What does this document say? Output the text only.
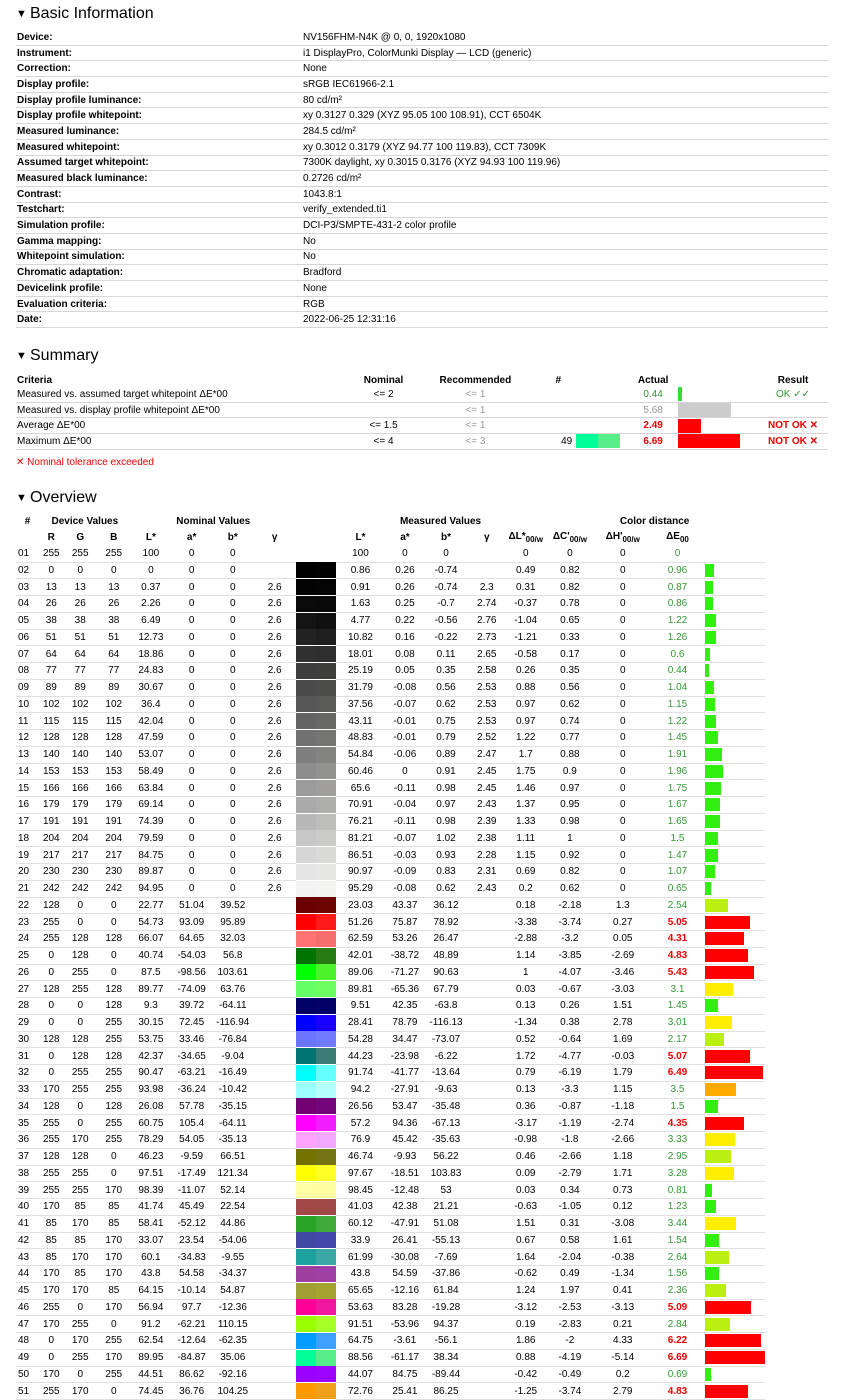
▼ Basic Information
Device:	NV156FHM-N4K @ 0, 0, 1920x1080
Instrument:	i1 DisplayPro, ColorMunki Display — LCD (generic)
Correction:	None
Display profile:	sRGB IEC61966-2.1
Display profile luminance:	80 cd/m²
Display profile whitepoint:	xy 0.3127 0.329 (XYZ 95.05 100 108.91), CCT 6504K
Measured luminance:	284.5 cd/m²
Measured whitepoint:	xy 0.3012 0.3179 (XYZ 94.77 100 119.83), CCT 7309K
Assumed target whitepoint:	7300K daylight, xy 0.3015 0.3176 (XYZ 94.93 100 119.96)
Measured black luminance:	0.2726 cd/m²
Contrast:	1043.8:1
Testchart:	verify_extended.ti1
Simulation profile:	DCI-P3/SMPTE-431-2 color profile
Gamma mapping:	No
Whitepoint simulation:	No
Chromatic adaptation:	Bradford
Devicelink profile:	None
Evaluation criteria:	RGB
Date:	2022-06-25 12:31:16
▼ Summary
Criteria	Nominal	Recommended	#		Actual		Result
Measured vs. assumed target whitepoint ΔE*00	<= 2	<= 1			0.44		OK ✓✓
Measured vs. display profile whitepoint ΔE*00		<= 1			5.68		
Average ΔE*00	<= 1.5	<= 1			2.49		NOT OK ✕
Maximum ΔE*00	<= 4	<= 3	49		6.69		NOT OK ✕
✕ Nominal tolerance exceeded
▼ Overview
#	Device Values			Nominal Values					Measured Values					Color distance				
	R	G	B	L*	a*	b*	γ		L*	a*	b*	γ	$\Delta L*_{00/w}$	$\Delta C'_{00/w}$	$\Delta H'_{00/w}$	$\Delta E_{00}$	
01	255	255	255	100	0	0			100	0	0		0	0	0	0		
02	0	0	0	0	0	0			0.86	0.26	-0.74		0.49	0.82	0	0.96		
03	13	13	13	0.37	0	0	2.6		0.91	0.26	-0.74	2.3	0.31	0.82	0	0.87		
04	26	26	26	2.26	0	0	2.6		1.63	0.25	-0.7	2.74	-0.37	0.78	0	0.86		
05	38	38	38	6.49	0	0	2.6		4.77	0.22	-0.56	2.76	-1.04	0.65	0	1.22		
06	51	51	51	12.73	0	0	2.6		10.82	0.16	-0.22	2.73	-1.21	0.33	0	1.26		
07	64	64	64	18.86	0	0	2.6		18.01	0.08	0.11	2.65	-0.58	0.17	0	0.6		
08	77	77	77	24.83	0	0	2.6		25.19	0.05	0.35	2.58	0.26	0.35	0	0.44		
09	89	89	89	30.67	0	0	2.6		31.79	-0.08	0.56	2.53	0.88	0.56	0	1.04		
10	102	102	102	36.4	0	0	2.6		37.56	-0.07	0.62	2.53	0.97	0.62	0	1.15		
11	115	115	115	42.04	0	0	2.6		43.11	-0.01	0.75	2.53	0.97	0.74	0	1.22		
12	128	128	128	47.59	0	0	2.6		48.83	-0.01	0.79	2.52	1.22	0.77	0	1.45		
13	140	140	140	53.07	0	0	2.6		54.84	-0.06	0.89	2.47	1.7	0.88	0	1.91		
14	153	153	153	58.49	0	0	2.6		60.46	0	0.91	2.45	1.75	0.9	0	1.96		
15	166	166	166	63.84	0	0	2.6		65.6	-0.11	0.98	2.45	1.46	0.97	0	1.75		
16	179	179	179	69.14	0	0	2.6		70.91	-0.04	0.97	2.43	1.37	0.95	0	1.67		
17	191	191	191	74.39	0	0	2.6		76.21	-0.11	0.98	2.39	1.33	0.98	0	1.65		
18	204	204	204	79.59	0	0	2.6		81.21	-0.07	1.02	2.38	1.11	1	0	1.5		
19	217	217	217	84.75	0	0	2.6		86.51	-0.03	0.93	2.28	1.15	0.92	0	1.47		
20	230	230	230	89.87	0	0	2.6		90.97	-0.09	0.83	2.31	0.69	0.82	0	1.07		
21	242	242	242	94.95	0	0	2.6		95.29	-0.08	0.62	2.43	0.2	0.62	0	0.65		
22	128	0	0	22.77	51.04	39.52			23.03	43.37	36.12		0.18	-2.18	1.3	2.54		
23	255	0	0	54.73	93.09	95.89			51.26	75.87	78.92		-3.38	-3.74	0.27	5.05		
24	255	128	128	66.07	64.65	32.03			62.59	53.26	26.47		-2.88	-3.2	0.05	4.31		
25	0	128	0	40.74	-54.03	56.8			42.01	-38.72	48.89		1.14	-3.85	-2.69	4.83		
26	0	255	0	87.5	-98.56	103.61			89.06	-71.27	90.63		1	-4.07	-3.46	5.43		
27	128	255	128	89.77	-74.09	63.76			89.81	-65.36	67.79		0.03	-0.67	-3.03	3.1		
28	0	0	128	9.3	39.72	-64.11			9.51	42.35	-63.8		0.13	0.26	1.51	1.45		
29	0	0	255	30.15	72.45	-116.94			28.41	78.79	-116.13		-1.34	0.38	2.78	3.01		
30	128	128	255	53.75	33.46	-76.84			54.28	34.47	-73.07		0.52	-0.64	1.69	2.17		
31	0	128	128	42.37	-34.65	-9.04			44.23	-23.98	-6.22		1.72	-4.77	-0.03	5.07		
32	0	255	255	90.47	-63.21	-16.49			91.74	-41.77	-13.64		0.79	-6.19	1.79	6.49		
33	170	255	255	93.98	-36.24	-10.42			94.2	-27.91	-9.63		0.13	-3.3	1.15	3.5		
34	128	0	128	26.08	57.78	-35.15			26.56	53.47	-35.48		0.36	-0.87	-1.18	1.5		
35	255	0	255	60.75	105.4	-64.11			57.2	94.36	-67.13		-3.17	-1.19	-2.74	4.35		
36	255	170	255	78.29	54.05	-35.13			76.9	45.42	-35.63		-0.98	-1.8	-2.66	3.33		
37	128	128	0	46.23	-9.59	66.51			46.74	-9.93	56.22		0.46	-2.66	1.18	2.95		
38	255	255	0	97.51	-17.49	121.34			97.67	-18.51	103.83		0.09	-2.79	1.71	3.28		
39	255	255	170	98.39	-11.07	52.14			98.45	-12.48	53		0.03	0.34	0.73	0.81		
40	170	85	85	41.74	45.49	22.54			41.03	42.38	21.21		-0.63	-1.05	0.12	1.23		
41	85	170	85	58.41	-52.12	44.86			60.12	-47.91	51.08		1.51	0.31	-3.08	3.44		
42	85	85	170	33.07	23.54	-54.06			33.9	26.41	-55.13		0.67	0.58	1.61	1.54		
43	85	170	170	60.1	-34.83	-9.55			61.99	-30.08	-7.69		1.64	-2.04	-0.38	2.64		
44	170	85	170	43.8	54.58	-34.37			43.8	54.59	-37.86		-0.62	0.49	-1.34	1.56		
45	170	170	85	64.15	-10.14	54.87			65.65	-12.16	61.84		1.24	1.97	0.41	2.36		
46	255	0	170	56.94	97.7	-12.36			53.63	83.28	-19.28		-3.12	-2.53	-3.13	5.09		
47	170	255	0	91.2	-62.21	110.15			91.51	-53.96	94.37		0.19	-2.83	0.21	2.84		
48	0	170	255	62.54	-12.64	-62.35			64.75	-3.61	-56.1		1.86	-2	4.33	6.22		
49	0	255	170	89.95	-84.87	35.06			88.56	-61.17	38.34		0.88	-4.19	-5.14	6.69		
50	170	0	255	44.51	86.62	-92.16			44.07	84.75	-89.44		-0.42	-0.49	0.2	0.69		
51	255	170	0	74.45	36.76	104.25			72.76	25.41	86.25		-1.25	-3.74	2.79	4.83		
